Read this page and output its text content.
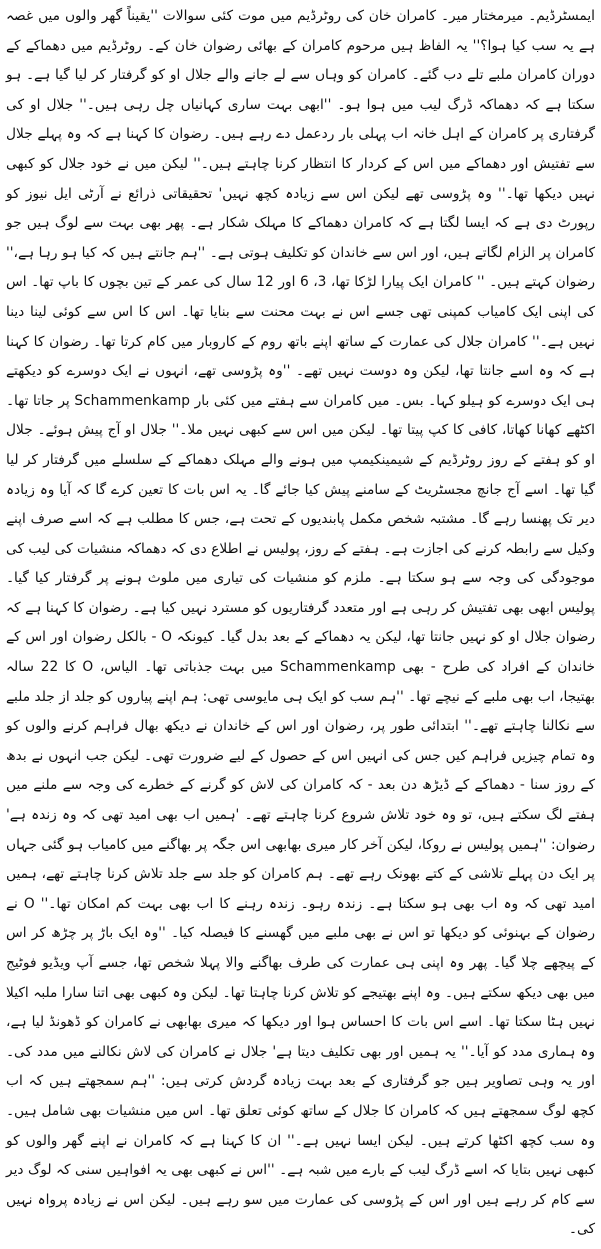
ایمسٹرڈیم۔ میرمختار میر۔ کامران خان کی روٹرڈیم میں موت کئی سوالات ''یقیناً گھر والوں میں غصہ ہے یہ سب کیا ہوا؟'' یہ الفاظ ہیں مرحوم کامران کے بھائی رضوان خان کے۔ روٹرڈیم میں دھماکے کے دوران کامران ملبے تلے دب گئے۔ کامران کو وہاں سے لے جانے والے جلال او کو گرفتار کر لیا گیا ہے۔ ہو سکتا ہے کہ دھماکہ ڈرگ لیب میں ہوا ہو۔ ''ابھی بہت ساری کہانیاں چل رہی ہیں۔'' جلال او کی گرفتاری پر کامران کے اہل خانہ اب پہلی بار ردعمل دے رہے ہیں۔ رضوان کا کہنا ہے کہ وہ پہلے جلال سے تفتیش اور دھماکے میں اس کے کردار کا انتظار کرنا چاہتے ہیں۔'' لیکن میں نے خود جلال کو کبھی نہیں دیکھا تھا۔'' وہ پڑوسی تھے لیکن اس سے زیادہ کچھ نہیں' تحقیقاتی ذرائع نے آرٹی ایل نیوز کو رپورٹ دی ہے کہ ایسا لگتا ہے کہ کامران دھماکے کا مہلک شکار ہے۔ پھر بھی بہت سے لوگ ہیں جو کامران پر الزام لگاتے ہیں، اور اس سے خاندان کو تکلیف ہوتی ہے۔ ''ہم جانتے ہیں کہ کیا ہو رہا ہے،'' رضوان کہتے ہیں۔ '' کامران ایک پیارا لڑکا تھا، 3، 6 اور 12 سال کی عمر کے تین بچوں کا باپ تھا۔ اس کی اپنی ایک کامیاب کمپنی تھی جسے اس نے بہت محنت سے بنایا تھا۔ اس کا اس سے کوئی لینا دینا نہیں ہے۔'' کامران جلال کی عمارت کے ساتھ اپنے باتھ روم کے کاروبار میں کام کرتا تھا۔ رضوان کا کہنا ہے کہ وہ اسے جانتا تھا، لیکن وہ دوست نہیں تھے۔ ''وہ پڑوسی تھے، انہوں نے ایک دوسرے کو دیکھتے ہی ایک دوسرے کو ہیلو کہا۔ بس۔ میں کامران سے ہفتے میں کئی بار Schammenkamp پر جاتا تھا۔ اکٹھے کھانا کھاتا، کافی کا کپ پیتا تھا۔ لیکن میں اس سے کبھی نہیں ملا۔'' جلال او آج پیش ہوئے۔ جلال او کو ہفتے کے روز روٹرڈیم کے شیمینکیمپ میں ہونے والے مہلک دھماکے کے سلسلے میں گرفتار کر لیا گیا تھا۔ اسے آج جانچ مجسٹریٹ کے سامنے پیش کیا جائے گا۔ یہ اس بات کا تعین کرے گا کہ آیا وہ زیادہ دیر تک پھنسا رہے گا۔ مشتبہ شخص مکمل پابندیوں کے تحت ہے، جس کا مطلب ہے کہ اسے صرف اپنے وکیل سے رابطہ کرنے کی اجازت ہے۔ ہفتے کے روز، پولیس نے اطلاع دی کہ دھماکہ منشیات کی لیب کی موجودگی کی وجہ سے ہو سکتا ہے۔ ملزم کو منشیات کی تیاری میں ملوث ہونے پر گرفتار کیا گیا۔ پولیس ابھی بھی تفتیش کر رہی ہے اور متعدد گرفتاریوں کو مسترد نہیں کیا ہے۔ رضوان کا کہنا ہے کہ رضوان جلال او کو نہیں جانتا تھا، لیکن یہ دھماکے کے بعد بدل گیا۔ کیونکہ O - بالکل رضوان اور اس کے خاندان کے افراد کی طرح - بھی Schammenkamp میں بہت جذباتی تھا۔ الیاس، O کا 22 سالہ بھتیجا، اب بھی ملبے کے نیچے تھا۔ ''ہم سب کو ایک ہی مایوسی تھی: ہم اپنے پیاروں کو جلد از جلد ملبے سے نکالنا چاہتے تھے۔'' ابتدائی طور پر، رضوان اور اس کے خاندان نے دیکھ بھال فراہم کرنے والوں کو وہ تمام چیزیں فراہم کیں جس کی انہیں اس کے حصول کے لیے ضرورت تھی۔ لیکن جب انہوں نے بدھ کے روز سنا - دھماکے کے ڈیڑھ دن بعد - کہ کامران کی لاش کو گرنے کے خطرے کی وجہ سے ملنے میں ہفتے لگ سکتے ہیں، تو وہ خود تلاش شروع کرنا چاہتے تھے۔ 'ہمیں اب بھی امید تھی کہ وہ زندہ ہے' رضوان: ''ہمیں پولیس نے روکا، لیکن آخر کار میری بھابھی اس جگہ پر بھاگنے میں کامیاب ہو گئی جہاں پر ایک دن پہلے تلاشی کے کتے بھونک رہے تھے۔ ہم کامران کو جلد سے جلد تلاش کرنا چاہتے تھے، ہمیں امید تھی کہ وہ اب بھی ہو سکتا ہے۔ زندہ رہو۔ زندہ رہنے کا اب بھی بہت کم امکان تھا۔'' O نے رضوان کے بہنوئی کو دیکھا تو اس نے بھی ملبے میں گھسنے کا فیصلہ کیا۔ ''وہ ایک باڑ پر چڑھ کر اس کے پیچھے چلا گیا۔ پھر وہ اپنی ہی عمارت کی طرف بھاگنے والا پہلا شخص تھا، جسے آپ ویڈیو فوٹیج میں بھی دیکھ سکتے ہیں۔ وہ اپنے بھتیجے کو تلاش کرنا چاہتا تھا۔ لیکن وہ کبھی بھی اتنا سارا ملبہ اکیلا نہیں ہٹا سکتا تھا۔ اسے اس بات کا احساس ہوا اور دیکھا کہ میری بھابھی نے کامران کو ڈھونڈ لیا ہے، وہ ہماری مدد کو آیا۔'' یہ ہمیں اور بھی تکلیف دیتا ہے' جلال نے کامران کی لاش نکالنے میں مدد کی۔ اور یہ وہی تصاویر ہیں جو گرفتاری کے بعد بہت زیادہ گردش کرتی ہیں: ''ہم سمجھتے ہیں کہ اب کچھ لوگ سمجھتے ہیں کہ کامران کا جلال کے ساتھ کوئی تعلق تھا۔ اس میں منشیات بھی شامل ہیں۔ وہ سب کچھ اکٹھا کرتے ہیں۔ لیکن ایسا نہیں ہے۔'' ان کا کہنا ہے کہ کامران نے اپنے گھر والوں کو کبھی نہیں بتایا کہ اسے ڈرگ لیب کے بارے میں شبہ ہے۔ ''اس نے کبھی بھی یہ افواہیں سنی کہ لوگ دیر سے کام کر رہے ہیں اور اس کے پڑوسی کی عمارت میں سو رہے ہیں۔ لیکن اس نے زیادہ پرواہ نہیں کی۔
